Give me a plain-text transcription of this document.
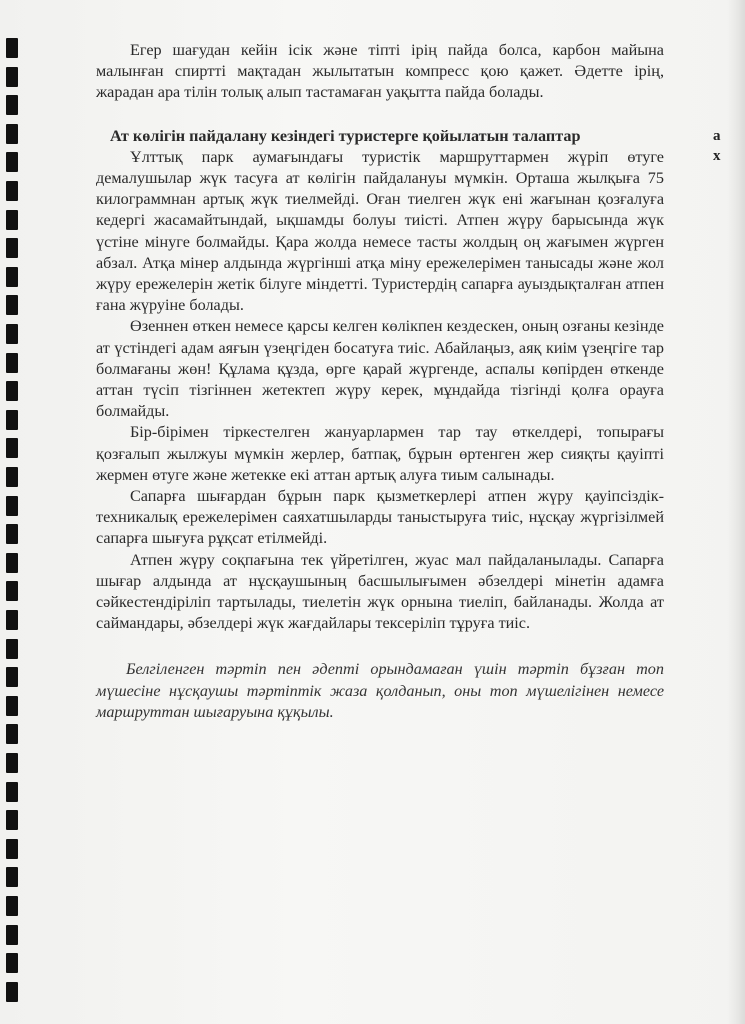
а
х

Егер шағудан кейін ісік және тіпті ірің пайда болса, карбон майына малынған спиртті мақтадан жылытатын компресс қою қажет. Әдетте ірің, жарадан ара тілін толық алып тастамаған уақытта пайда болады.

Ат көлігін пайдалану кезіндегі туристерге қойылатын талаптар

Ұлттық парк аумағындағы туристік маршруттармен жүріп өтуге демалушылар жүк тасуға ат көлігін пайдалануы мүмкін. Орташа жылқыға 75 килограммнан артық жүк тиелмейді. Оған тиелген жүк ені жағынан қозғалуға кедергі жасамайтындай, ықшамды болуы тиісті. Атпен жүру барысында жүк үстіне мінуге болмайды. Қара жолда немесе тасты жолдың оң жағымен жүрген абзал. Атқа мінер алдында жүргінші атқа міну ережелерімен танысады және жол жүру ережелерін жетік білуге міндетті. Туристердің сапарға ауыздықталған атпен ғана жүруіне болады.

Өзеннен өткен немесе қарсы келген көлікпен кездескен, оның озғаны кезінде ат үстіндегі адам аяғын үзеңгіден босатуға тиіс. Абайлаңыз, аяқ киім үзеңгіге тар болмағаны жөн! Құлама құзда, өрге қарай жүргенде, аспалы көпірден өткенде аттан түсіп тізгіннен жетектеп жүру керек, мұндайда тізгінді қолға орауға болмайды.

Бір-бірімен тіркестелген жануарлармен тар тау өткелдері, топырағы қозғалып жылжуы мүмкін жерлер, батпақ, бұрын өртенген жер сияқты қауіпті жермен өтуге және жетекке екі аттан артық алуға тиым салынады.

Сапарға шығардан бұрын парк қызметкерлері атпен жүру қауіпсіздік-техникалық ережелерімен саяхатшыларды таныстыруға тиіс, нұсқау жүргізілмей сапарға шығуға рұқсат етілмейді.

Атпен жүру соқпағына тек үйретілген, жуас мал пайдаланылады. Сапарға шығар алдында ат нұсқаушының басшылығымен әбзелдері мінетін адамға сәйкестендіріліп тартылады, тиелетін жүк орнына тиеліп, байланады. Жолда ат саймандары, әбзелдері жүк жағдайлары тексеріліп тұруға тиіс.

Белгіленген тәртіп пен әдепті орындамаған үшін тәртіп бұзған топ мүшесіне нұсқаушы тәртіптік жаза қолданып, оны топ мүшелігінен немесе маршруттан шығаруына құқылы.
